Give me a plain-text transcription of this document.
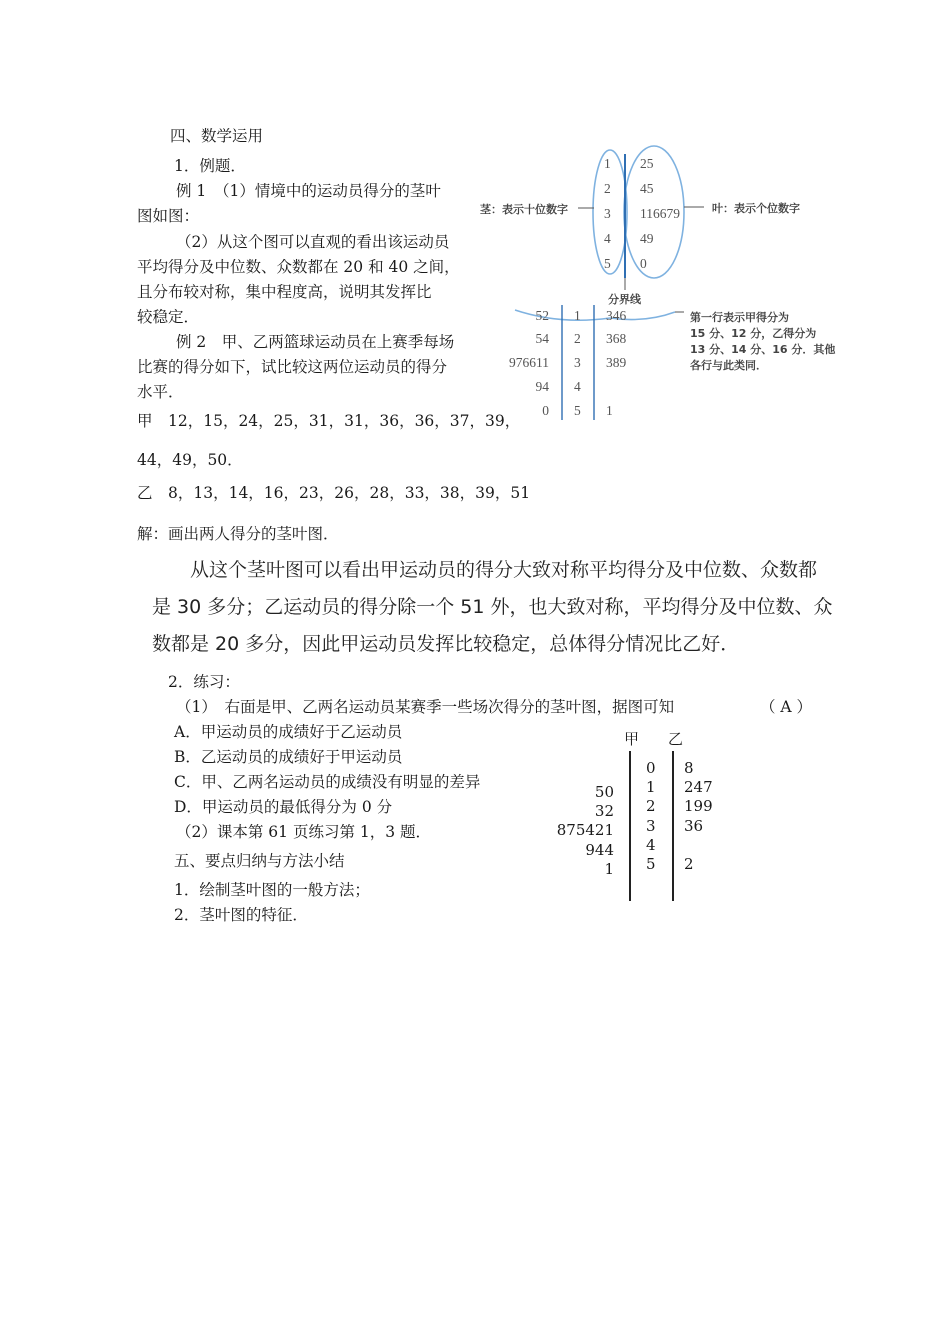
四、数学运用
1．例题．
例 1　（1）情境中的运动员得分的茎叶
图如图：
（2）从这个图可以直观的看出该运动员
平均得分及中位数、众数都在 20 和 40 之间，
且分布较对称，集中程度高，说明其发挥比
较稳定．
例 2　甲、乙两篮球运动员在上赛季每场
比赛的得分如下，试比较这两位运动员的得分
水平．
甲　12，15，24，25，31，31，36，36，37，39，
44，49，50．
乙　8，13，14，16，23，26，28，33，38，39，51
解：画出两人得分的茎叶图．
从这个茎叶图可以看出甲运动员的得分大致对称平均得分及中位数、众数都
是 30 多分；乙运动员的得分除一个 51 外，也大致对称，平均得分及中位数、众
数都是 20 多分，因此甲运动员发挥比较稳定，总体得分情况比乙好．
茎：表示十位数字	叶：表示个位数字
分界线
1
2
3
4
5
25
45
116679
49
0
52
54
976611
94
0
1
2
3
4
5
346
368
389
1
第一行表示甲得分为
15 分、12 分，乙得分为
13 分、14 分、16 分．其他
各行与此类同．
2．练习：
（1）　右面是甲、乙两名运动员某赛季一些场次得分的茎叶图，据图可知	（ A ）
A．甲运动员的成绩好于乙运动员
B．乙运动员的成绩好于甲运动员
C．甲、乙两名运动员的成绩没有明显的差异
D．甲运动员的最低得分为 0 分
（2）课本第 61 页练习第 1，3 题．
五、要点归纳与方法小结
1．绘制茎叶图的一般方法；
2．茎叶图的特征．
甲 乙
0 8
50 1 247
32 2 199
875421 3 36
944 4
1 5 2
